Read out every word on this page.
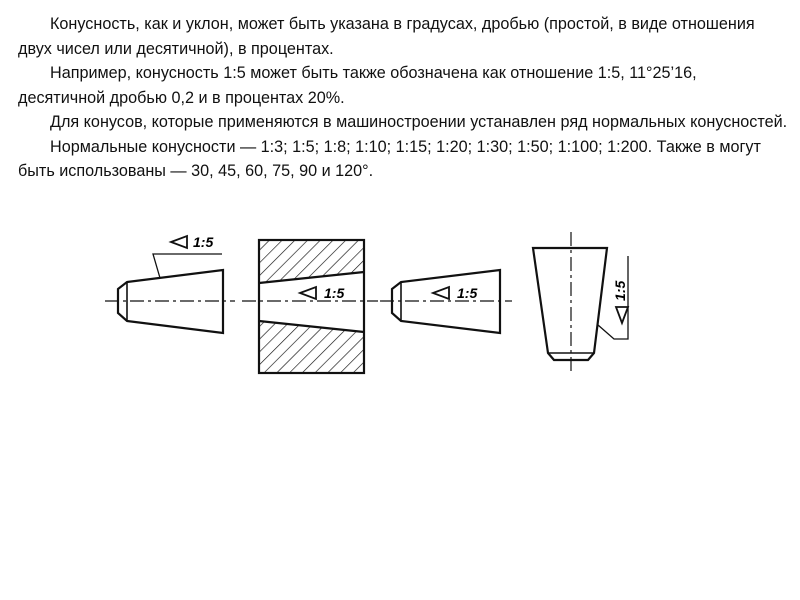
Конусность, как и уклон, может быть указана в градусах, дробью (простой, в виде отношения двух чисел или десятичной), в процентах.

Например, конусность 1:5 может быть также обозначена как отношение 1:5, 11°25’16, десятичной дробью 0,2 и в процентах 20%.

Для конусов, которые применяются в машиностроении устанавлен ряд нормальных конусностей.

Нормальные конусности — 1:3; 1:5; 1:8; 1:10; 1:15; 1:20; 1:30; 1:50; 1:100; 1:200. Также в могут быть использованы — 30, 45, 60, 75, 90 и 120°.

1:5
1:5	1:5	1:5
